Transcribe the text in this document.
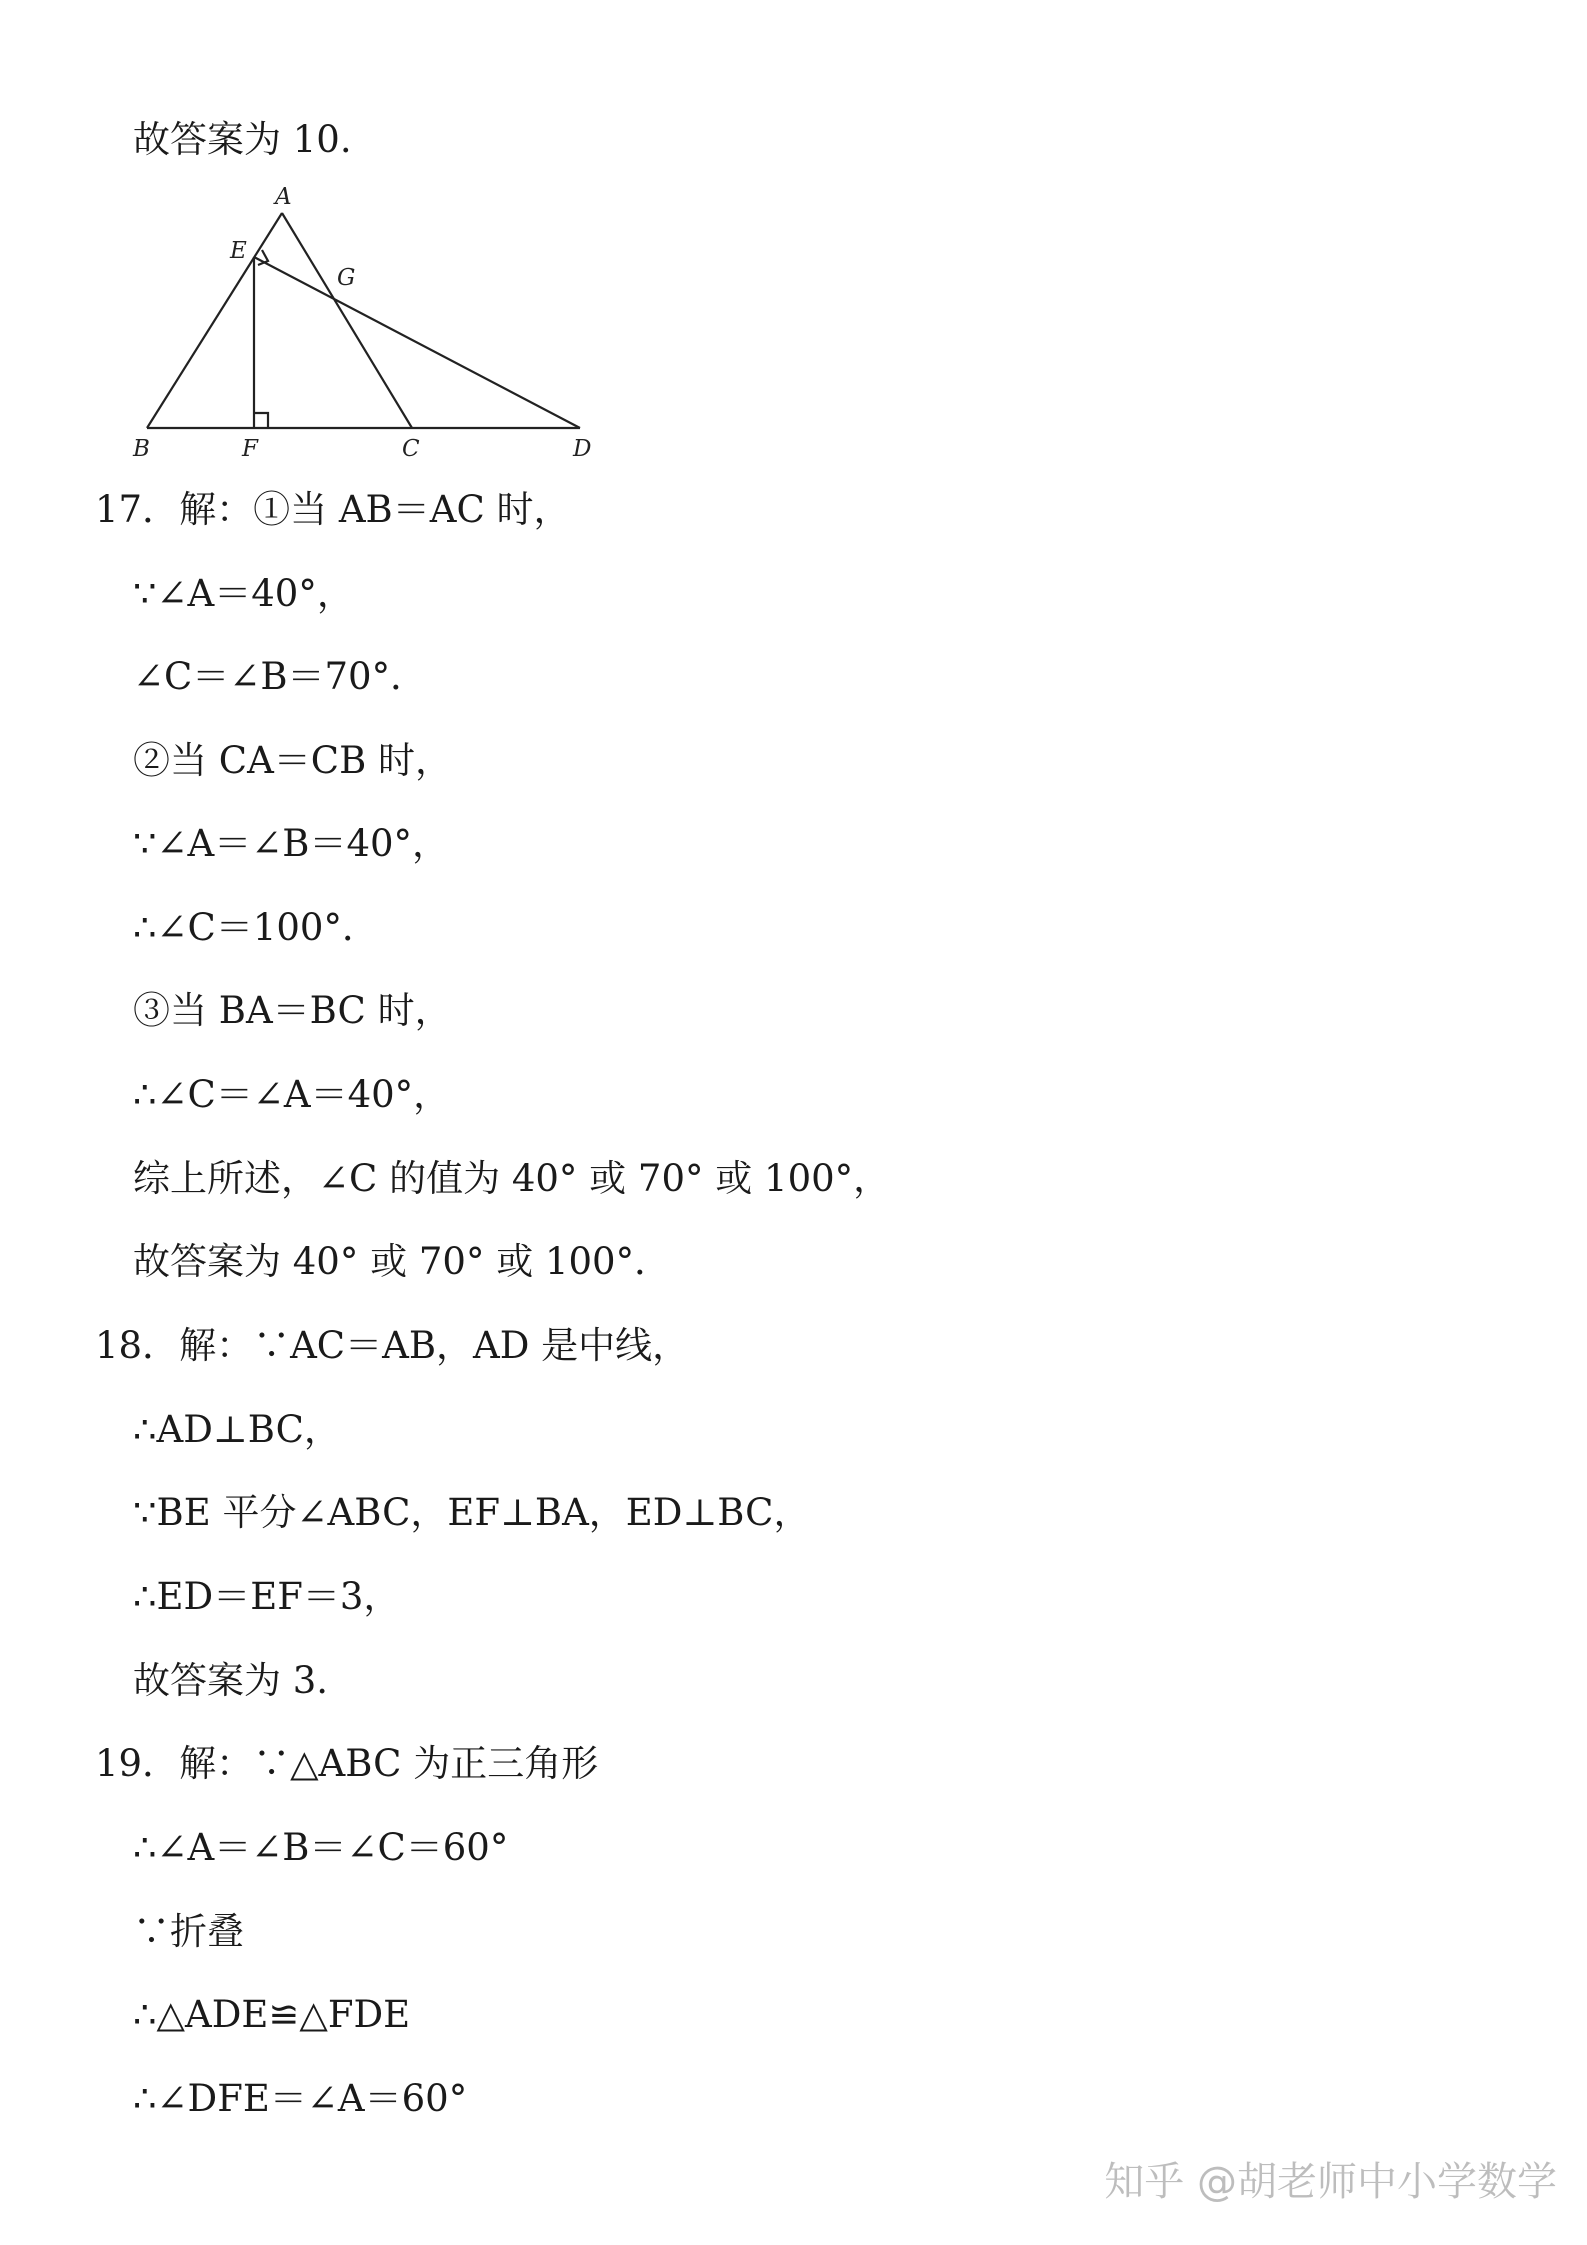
故答案为 10.
A
E
G
B	F	C	D
17．解：①当 AB＝AC 时，
∵∠A＝40°，
∠C＝∠B＝70°．
②当 CA＝CB 时，
∵∠A＝∠B＝40°，
∴∠C＝100°．
③当 BA＝BC 时，
∴∠C＝∠A＝40°，
综上所述，∠C 的值为 40° 或 70° 或 100°，
故答案为 40° 或 70° 或 100°．
18．解：∵AC＝AB，AD 是中线，
∴AD⊥BC，
∵BE 平分∠ABC，EF⊥BA，ED⊥BC，
∴ED＝EF＝3，
故答案为 3.
19．解：∵△ABC 为正三角形
∴∠A＝∠B＝∠C＝60°
∵折叠
∴△ADE≌△FDE
∴∠DFE＝∠A＝60°
知乎 @胡老师中小学数学
